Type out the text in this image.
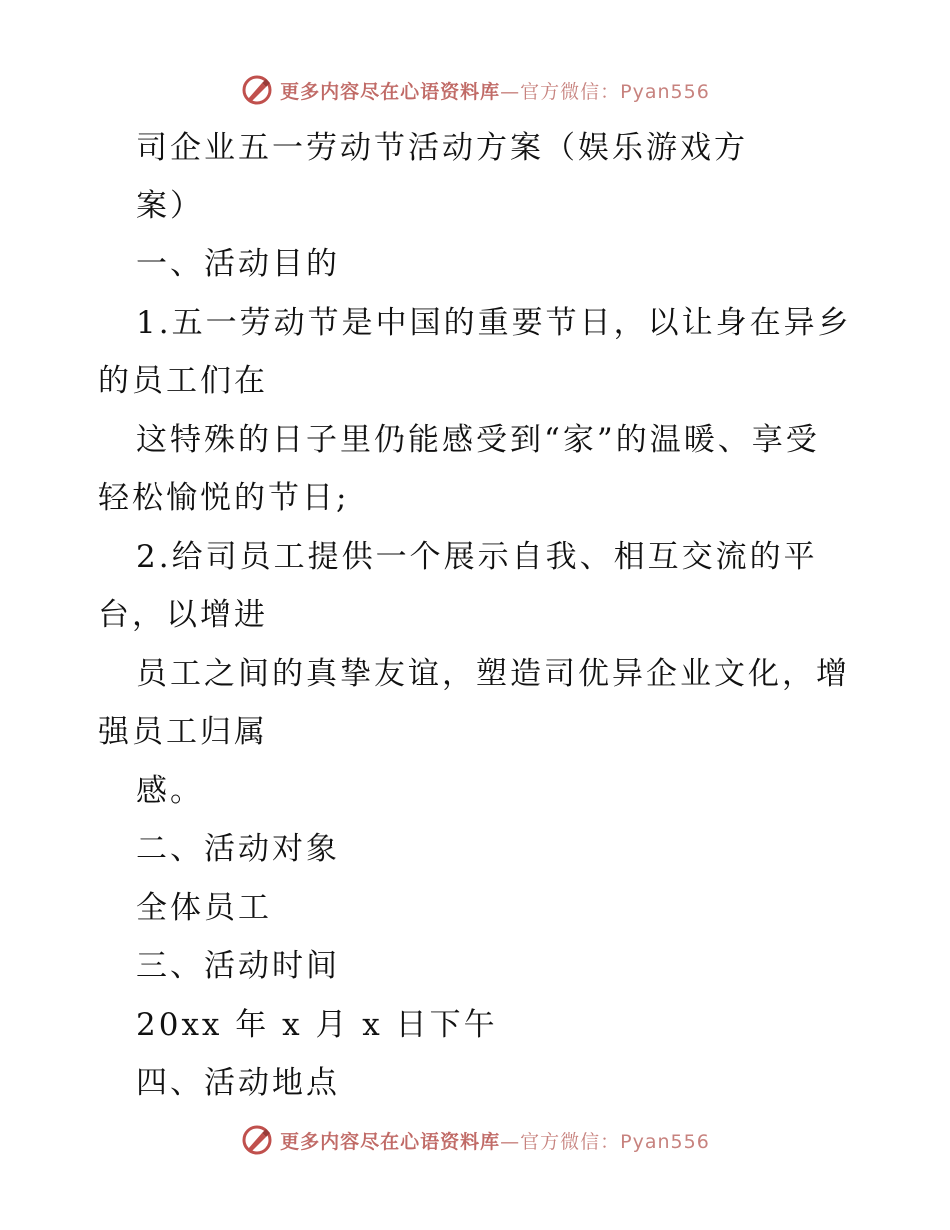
更多内容尽在心语资料库—官方微信：Pyan556
司企业五一劳动节活动方案（娱乐游戏方
案）
一、活动目的
1.五一劳动节是中国的重要节日，以让身在异乡
的员工们在
这特殊的日子里仍能感受到“家”的温暖、享受
轻松愉悦的节日;
2.给司员工提供一个展示自我、相互交流的平
台，以增进
员工之间的真挚友谊，塑造司优异企业文化，增
强员工归属
感。
二、活动对象
全体员工
三、活动时间
20xx 年 x 月 x 日下午
四、活动地点
更多内容尽在心语资料库—官方微信：Pyan556
